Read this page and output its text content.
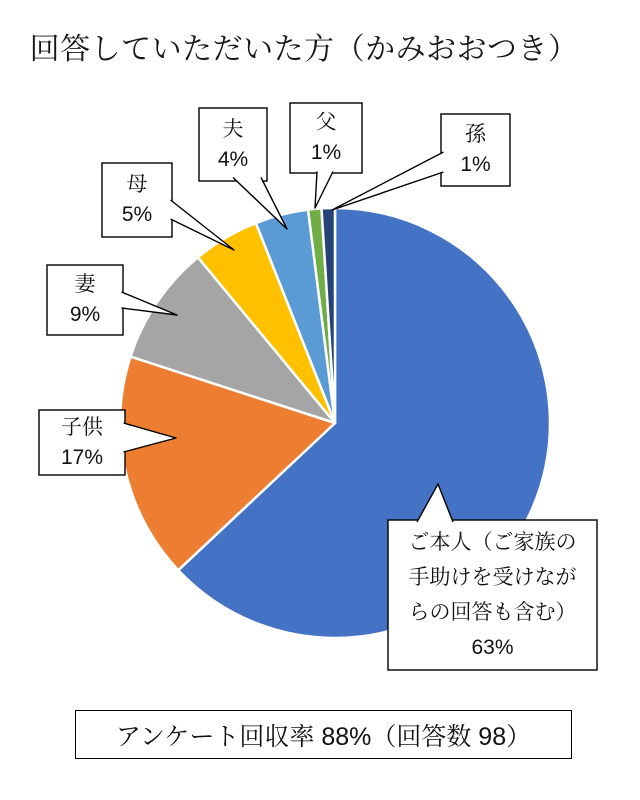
回答していただいた方（かみおおつき）
夫
4%
父
1%
孫
1%
母
5%
妻
9%
子供
17%
ご本人（ご家族の
手助けを受けなが
らの回答も含む）
63%
アンケート回収率 88%（回答数 98）
